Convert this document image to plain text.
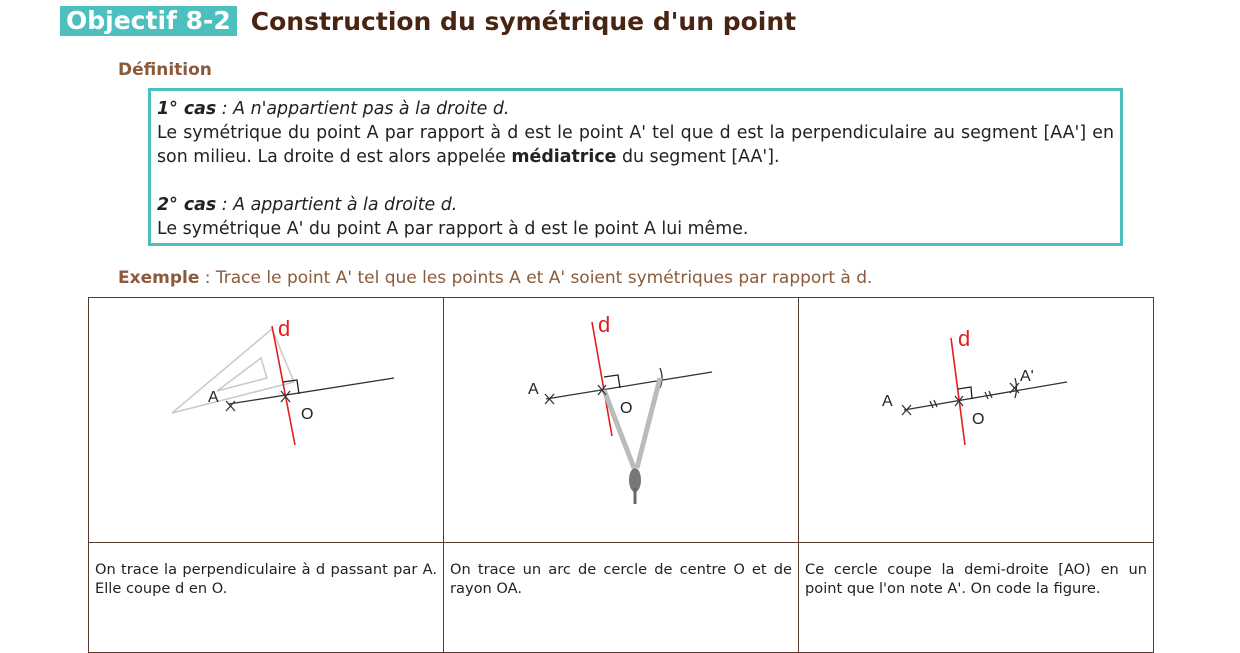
Objectif 8-2 Construction du symétrique d'un point
Définition

1° cas : A n'appartient pas à la droite d.

Le symétrique du point A par rapport à d est le point A' tel que d est la perpendiculaire au segment [AA'] en son milieu. La droite d est alors appelée médiatrice du segment [AA'].

2° cas : A appartient à la droite d.

Le symétrique A' du point A par rapport à d est le point A lui même.

Exemple : Trace le point A' tel que les points A et A' soient symétriques par rapport à d.
d
A
O	d
A
O	d
A
O
A'

On trace la perpendiculaire à d passant par A. Elle coupe d en O.	On trace un arc de cercle de centre O et de rayon OA.	Ce cercle coupe la demi-droite [AO) en un point que l'on note A'. On code la figure.
